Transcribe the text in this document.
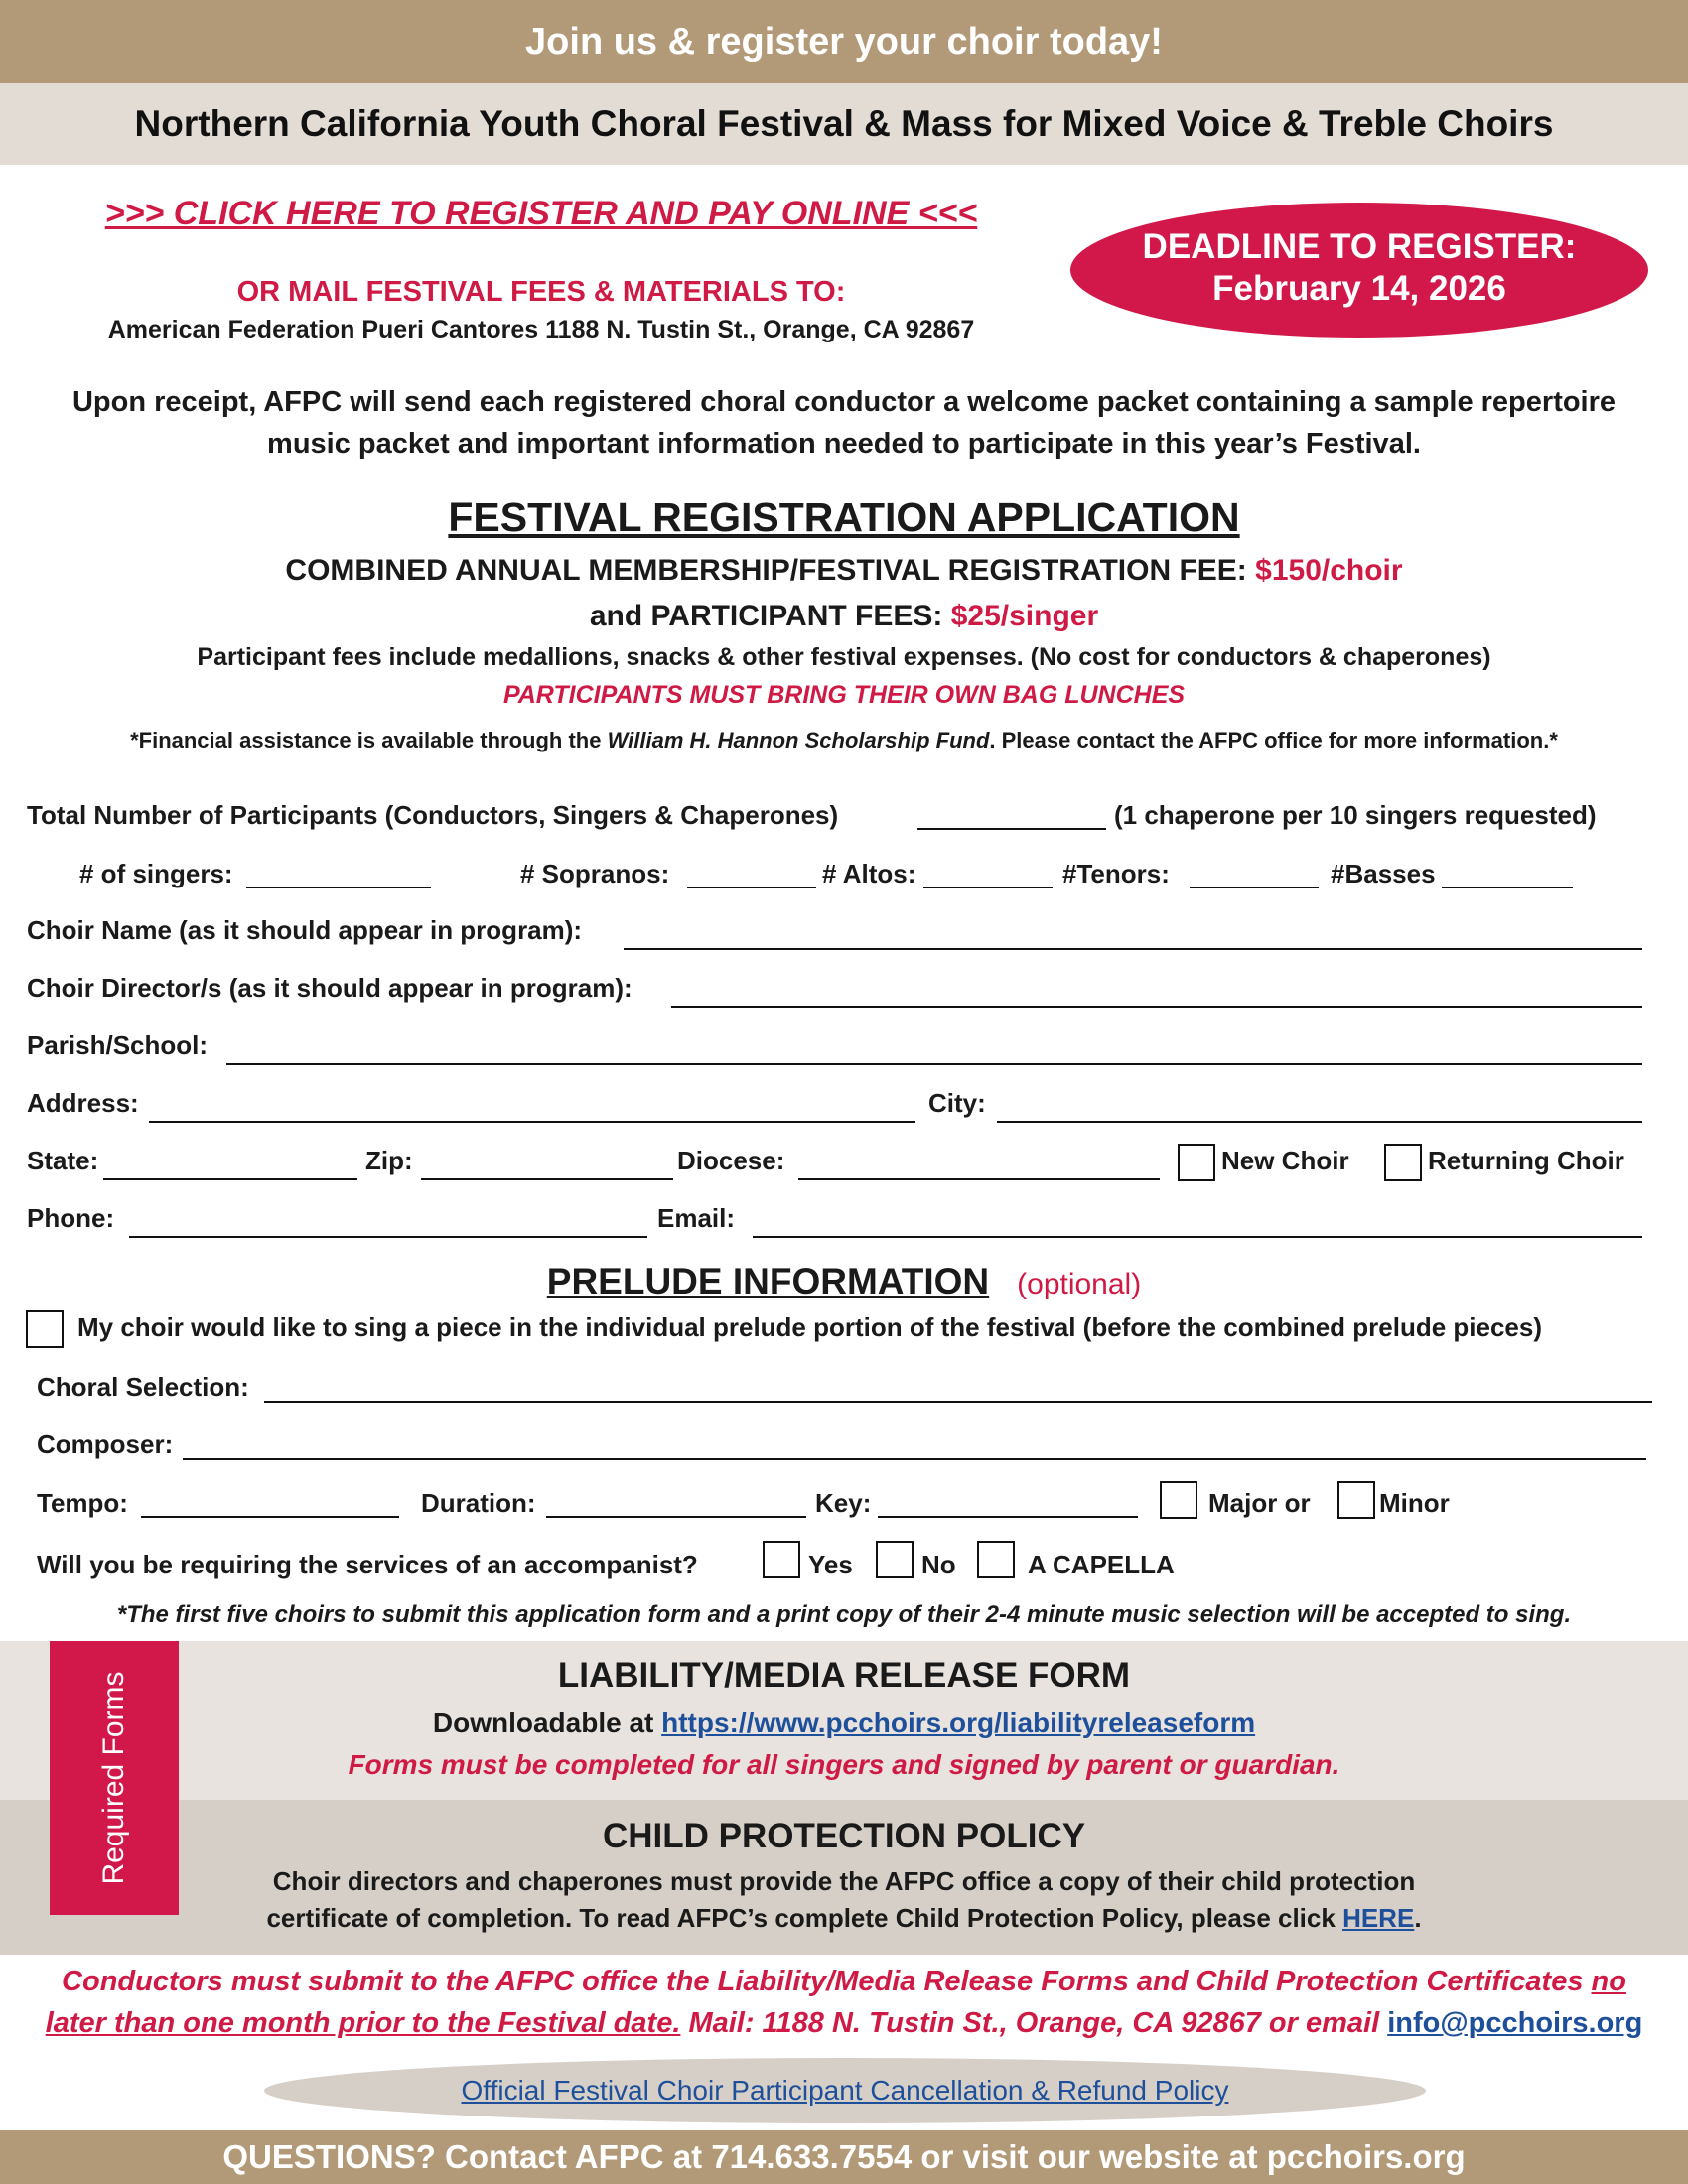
Join us & register your choir today!
Northern California Youth Choral Festival & Mass for Mixed Voice & Treble Choirs
>>> CLICK HERE TO REGISTER AND PAY ONLINE <<<
DEADLINE TO REGISTER:
February 14, 2026
OR MAIL FESTIVAL FEES & MATERIALS TO:
American Federation Pueri Cantores 1188 N. Tustin St., Orange, CA 92867
Upon receipt, AFPC will send each registered choral conductor a welcome packet containing a sample repertoire music packet and important information needed to participate in this year’s Festival.
FESTIVAL REGISTRATION APPLICATION
COMBINED ANNUAL MEMBERSHIP/FESTIVAL REGISTRATION FEE: $150/choir
and PARTICIPANT FEES: $25/singer
Participant fees include medallions, snacks & other festival expenses. (No cost for conductors & chaperones)
PARTICIPANTS MUST BRING THEIR OWN BAG LUNCHES
*Financial assistance is available through the William H. Hannon Scholarship Fund. Please contact the AFPC office for more information.*
Total Number of Participants (Conductors, Singers & Chaperones)	(1 chaperone per 10 singers requested)
# of singers:	# Sopranos:	# Altos:	#Tenors:	#Basses
Choir Name (as it should appear in program):
Choir Director/s (as it should appear in program):
Parish/School:
Address:	City:
State:	Zip:	Diocese:	New Choir	Returning Choir
Phone:	Email:
PRELUDE INFORMATION (optional)
My choir would like to sing a piece in the individual prelude portion of the festival (before the combined prelude pieces)
Choral Selection:
Composer:
Tempo:	Duration:	Key:	Major or	Minor
Will you be requiring the services of an accompanist?	Yes	No	A CAPELLA
*The first five choirs to submit this application form and a print copy of their 2-4 minute music selection will be accepted to sing.
Required Forms	LIABILITY/MEDIA RELEASE FORM
Downloadable at https://www.pcchoirs.org/liabilityreleaseform
Forms must be completed for all singers and signed by parent or guardian.
CHILD PROTECTION POLICY
Choir directors and chaperones must provide the AFPC office a copy of their child protection
certificate of completion. To read AFPC’s complete Child Protection Policy, please click HERE.
Conductors must submit to the AFPC office the Liability/Media Release Forms and Child Protection Certificates no
later than one month prior to the Festival date. Mail: 1188 N. Tustin St., Orange, CA 92867 or email info@pcchoirs.org
Official Festival Choir Participant Cancellation & Refund Policy
QUESTIONS? Contact AFPC at 714.633.7554 or visit our website at pcchoirs.org
